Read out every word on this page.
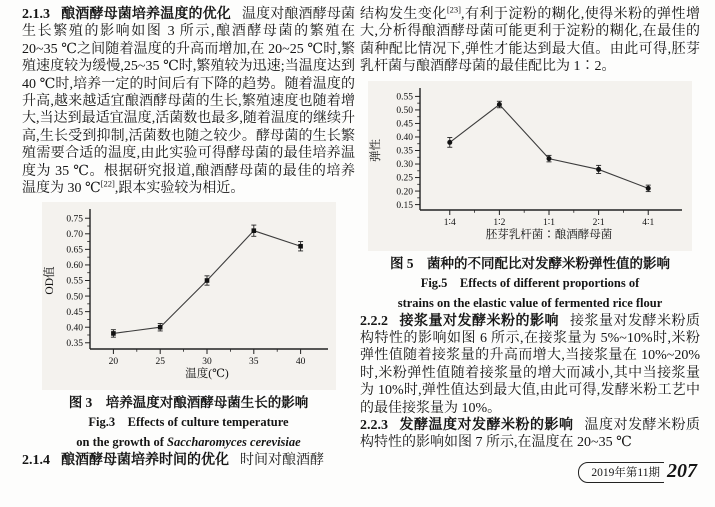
2.1.3 酿酒酵母菌培养温度的优化 温度对酿酒酵母菌生长繁殖的影响如图 3 所示,酿酒酵母菌的繁殖在 20~35 ℃之间随着温度的升高而增加,在 20~25 ℃时,繁殖速度较为缓慢,25~35 ℃时,繁殖较为迅速;当温度达到 40 ℃时,培养一定的时间后有下降的趋势。随着温度的升高,越来越适宜酿酒酵母菌的生长,繁殖速度也随着增大,当达到最适宜温度,活菌数也最多,随着温度的继续升高,生长受到抑制,活菌数也随之较少。酵母菌的生长繁殖需要合适的温度,由此实验可得酵母菌的最佳培养温度为 35 ℃。根据研究报道,酿酒酵母菌的最佳的培养温度为 30 ℃[22],跟本实验较为相近。

0.35
0.40
0.45
0.50
0.55
0.60
0.65
0.70
0.75
20	25	30	35	40
温度(℃)
OD值

图 3　培养温度对酿酒酵母菌生长的影响

Fig.3　Effects of culture temperature

on the growth of Saccharomyces cerevisiae

2.1.4 酿酒酵母菌培养时间的优化 时间对酿酒酵

结构发生变化[23],有利于淀粉的糊化,使得米粉的弹性增大,分析得酿酒酵母菌可能更利于淀粉的糊化,在最佳的菌种配比情况下,弹性才能达到最大值。由此可得,胚芽乳杆菌与酿酒酵母菌的最佳配比为 1∶2。

0.15
0.20
0.25
0.30
0.35
0.40
0.45
0.50
0.55
1∶4	1∶2	1∶1	2∶1	4∶1
胚芽乳杆菌∶酿酒酵母菌
弹性

图 5　菌种的不同配比对发酵米粉弹性值的影响

Fig.5　Effects of different proportions of

strains on the elastic value of fermented rice flour

2.2.2 接浆量对发酵米粉的影响 接浆量对发酵米粉质构特性的影响如图 6 所示,在接浆量为 5%~10%时,米粉弹性值随着接浆量的升高而增大,当接浆量在 10%~20%时,米粉弹性值随着接浆量的增大而减小,其中当接浆量为 10%时,弹性值达到最大值,由此可得,发酵米粉工艺中的最佳接浆量为 10%。

2.2.3 发酵温度对发酵米粉的影响 温度对发酵米粉质构特性的影响如图 7 所示,在温度在 20~35 ℃

2019年第11期 207
